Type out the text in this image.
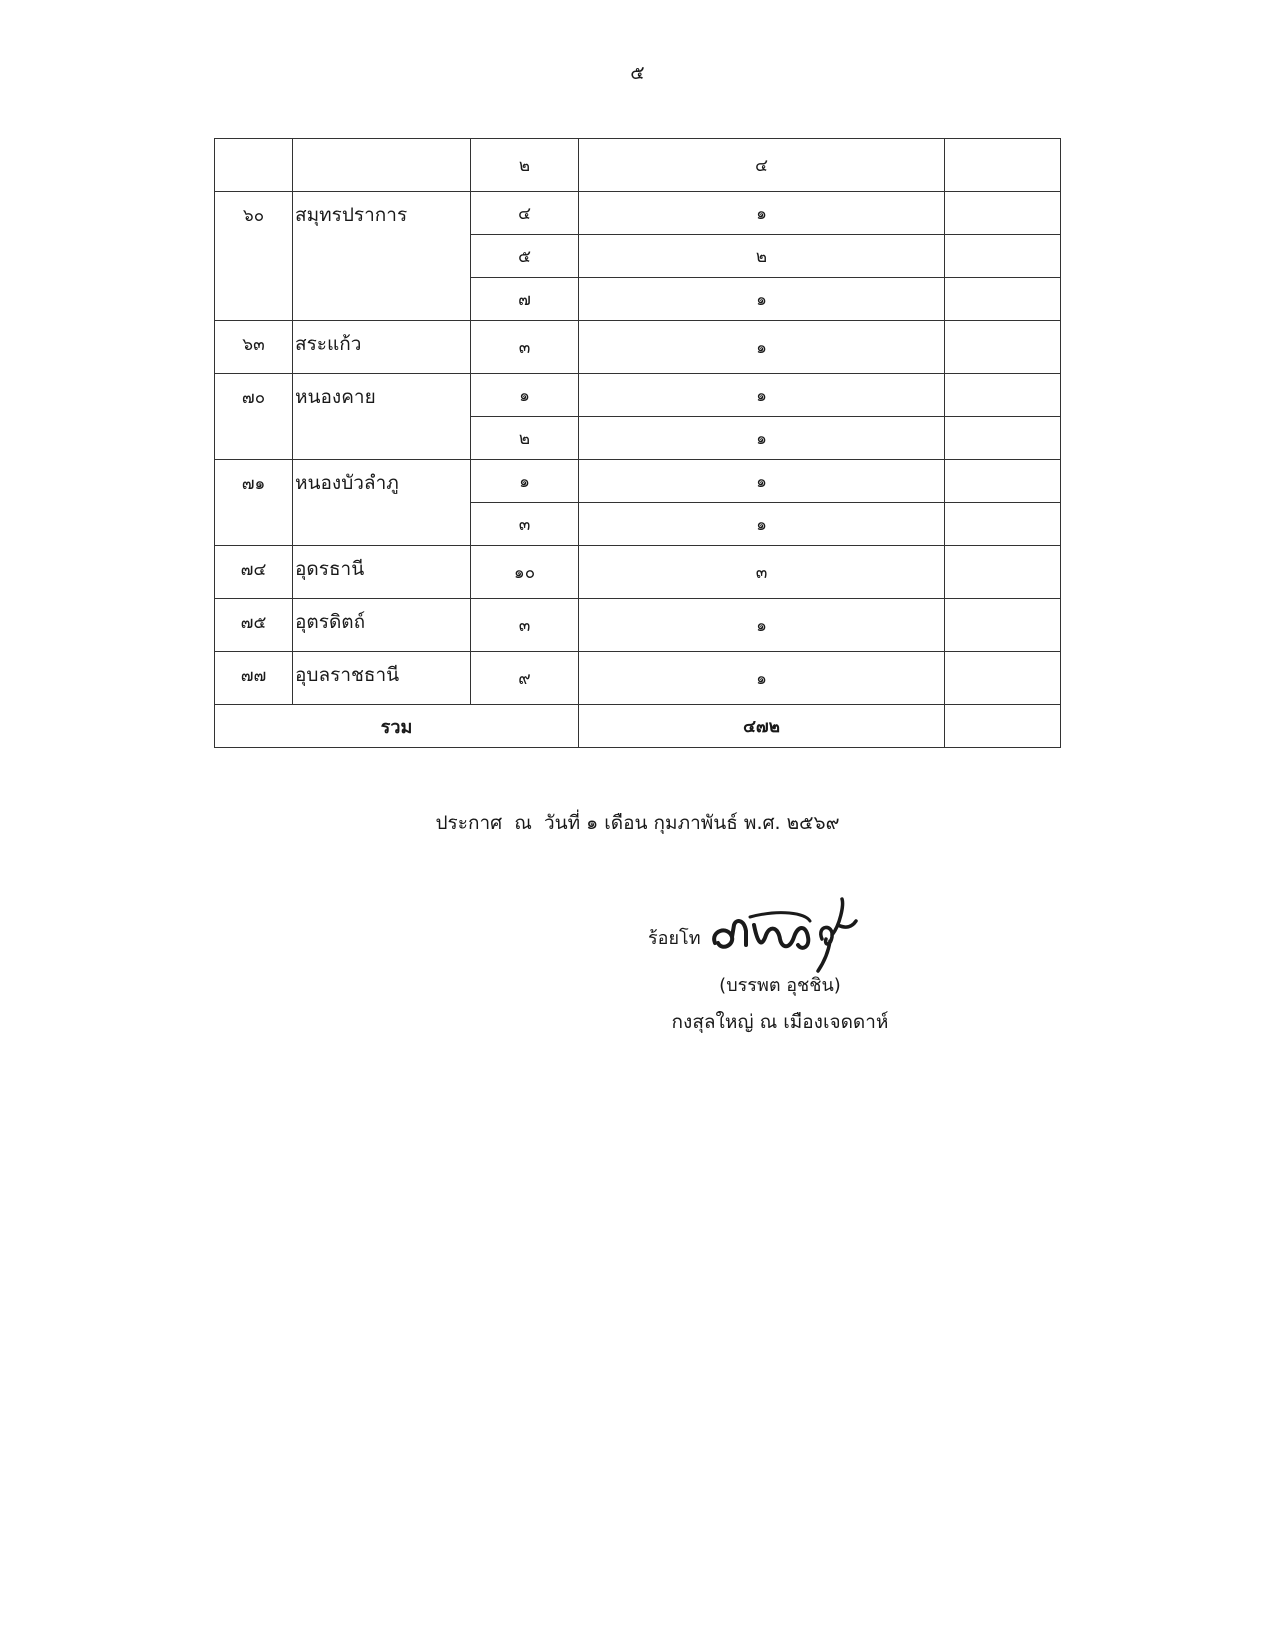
๕
		๒	๔	
๖๐	สมุทรปราการ	๔	๑	
		๕	๒	
		๗	๑	
๖๓	สระแก้ว	๓	๑	
๗๐	หนองคาย	๑	๑	
		๒	๑	
๗๑	หนองบัวลำภู	๑	๑	
		๓	๑	
๗๔	อุดรธานี	๑๐	๓	
๗๕	อุตรดิตถ์	๓	๑	
๗๗	อุบลราชธานี	๙	๑	
รวม			๔๗๒	
ประกาศ  ณ  วันที่ ๑ เดือน กุมภาพันธ์ พ.ศ. ๒๕๖๙
ร้อยโท
(บรรพต อุชชิน)
กงสุลใหญ่ ณ เมืองเจดดาห์
